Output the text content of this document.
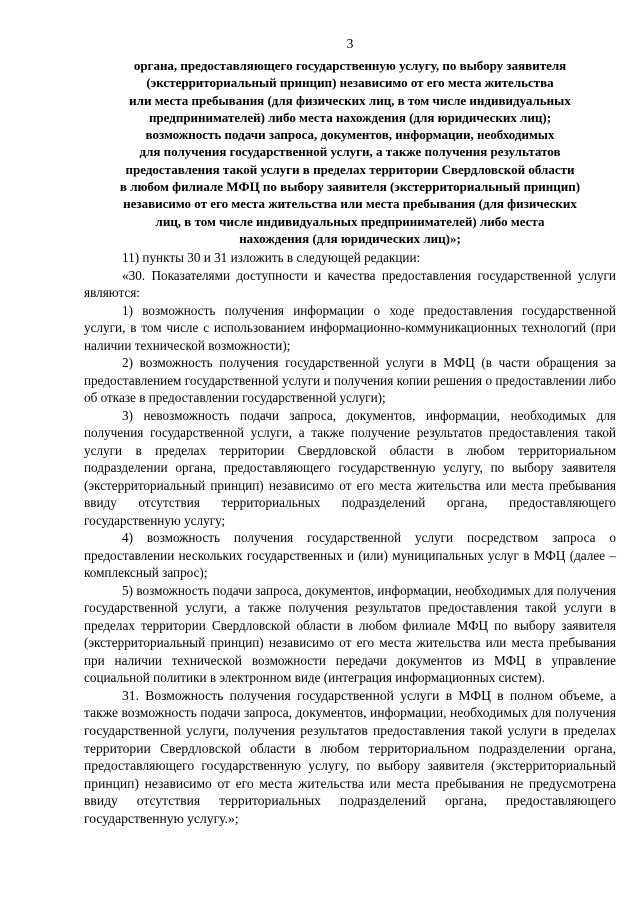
3
органа, предоставляющего государственную услугу, по выбору заявителя
(экстерриториальный принцип) независимо от его места жительства
или места пребывания (для физических лиц, в том числе индивидуальных
предпринимателей) либо места нахождения (для юридических лиц);
возможность подачи запроса, документов, информации, необходимых
для получения государственной услуги, а также получения результатов
предоставления такой услуги в пределах территории Свердловской области
в любом филиале МФЦ по выбору заявителя (экстерриториальный принцип)
независимо от его места жительства или места пребывания (для физических
лиц, в том числе индивидуальных предпринимателей) либо места
нахождения (для юридических лиц)»;

11) пункты 30 и 31 изложить в следующей редакции:

«30. Показателями доступности и качества предоставления государственной услуги являются:

1) возможность получения информации о ходе предоставления государственной услуги, в том числе с использованием информационно-коммуникационных технологий (при наличии технической возможности);

2) возможность получения государственной услуги в МФЦ (в части обращения за предоставлением государственной услуги и получения копии решения о предоставлении либо об отказе в предоставлении государственной услуги);

3) невозможность подачи запроса, документов, информации, необходимых для получения государственной услуги, а также получение результатов предоставления такой услуги в пределах территории Свердловской области в любом территориальном подразделении органа, предоставляющего государственную услугу, по выбору заявителя (экстерриториальный принцип) независимо от его места жительства или места пребывания ввиду отсутствия территориальных подразделений органа, предоставляющего государственную услугу;

4) возможность получения государственной услуги посредством запроса о предоставлении нескольких государственных и (или) муниципальных услуг в МФЦ (далее – комплексный запрос);

5) возможность подачи запроса, документов, информации, необходимых для получения государственной услуги, а также получения результатов предоставления такой услуги в пределах территории Свердловской области в любом филиале МФЦ по выбору заявителя (экстерриториальный принцип) независимо от его места жительства или места пребывания при наличии технической возможности передачи документов из МФЦ в управление социальной политики в электронном виде (интеграция информационных систем).

31. Возможность получения государственной услуги в МФЦ в полном объеме, а также возможность подачи запроса, документов, информации, необходимых для получения государственной услуги, получения результатов предоставления такой услуги в пределах территории Свердловской области в любом территориальном подразделении органа, предоставляющего государственную услугу, по выбору заявителя (экстерриториальный принцип) независимо от его места жительства или места пребывания не предусмотрена ввиду отсутствия территориальных подразделений органа, предоставляющего государственную услугу.»;
